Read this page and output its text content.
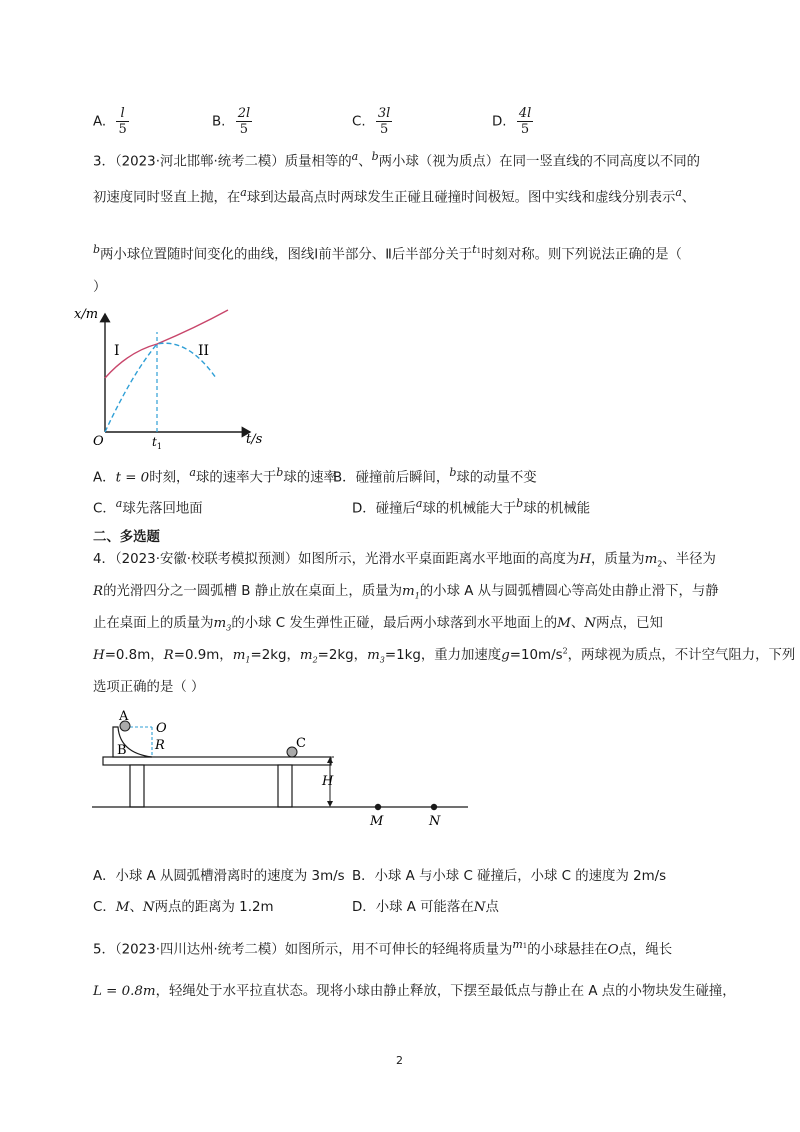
A. $\frac{l}{5}$	B. $\frac{2l}{5}$	C. $\frac{3l}{5}$	D. $\frac{4l}{5}$
3．（2023·河北邯郸·统考二模）质量相等的$^a$、$^b$两小球（视为质点）在同一竖直线的不同高度以不同的
初速度同时竖直上抛，在$^a$球到达最高点时两球发生正碰且碰撞时间极短。图中实线和虚线分别表示$^a$、
$^b$两小球位置随时间变化的曲线，图线Ⅰ前半部分、Ⅱ后半部分关于$^{t1}$时刻对称。则下列说法正确的是（
）
x/m
t/s
O	$t_1$
I	II
A．t = 0时刻，$^a$球的速率大于$^b$球的速率
B．碰撞前后瞬间，$^b$球的动量不变
C．$^a$球先落回地面	D．碰撞后$^a$球的机械能大于$^b$球的机械能
二、多选题
4．（2023·安徽·校联考模拟预测）如图所示，光滑水平桌面距离水平地面的高度为H，质量为$m_2$、半径为
R的光滑四分之一圆弧槽 B 静止放在桌面上，质量为$m_1$的小球 A 从与圆弧槽圆心等高处由静止滑下，与静
止在桌面上的质量为$m_3$的小球 C 发生弹性正碰，最后两小球落到水平地面上的M、N两点，已知
H=0.8m，R=0.9m，$m_1=2kg$，$m_2=2kg$，$m_3=1kg$，重力加速度$g=10m/s^2$，两球视为质点，不计空气阻力，下列
选项正确的是（ ）
A
B
O
R	C
H
M	N
A．小球 A 从圆弧槽滑离时的速度为 3m/s B．小球 A 与小球 C 碰撞后，小球 C 的速度为 2m/s
C．M、N两点的距离为 1.2m	D．小球 A 可能落在N点
5．（2023·四川达州·统考二模）如图所示，用不可伸长的轻绳将质量为$^{m1}$的小球悬挂在O点，绳长
L = 0.8m，轻绳处于水平拉直状态。现将小球由静止释放，下摆至最低点与静止在 A 点的小物块发生碰撞，
2
